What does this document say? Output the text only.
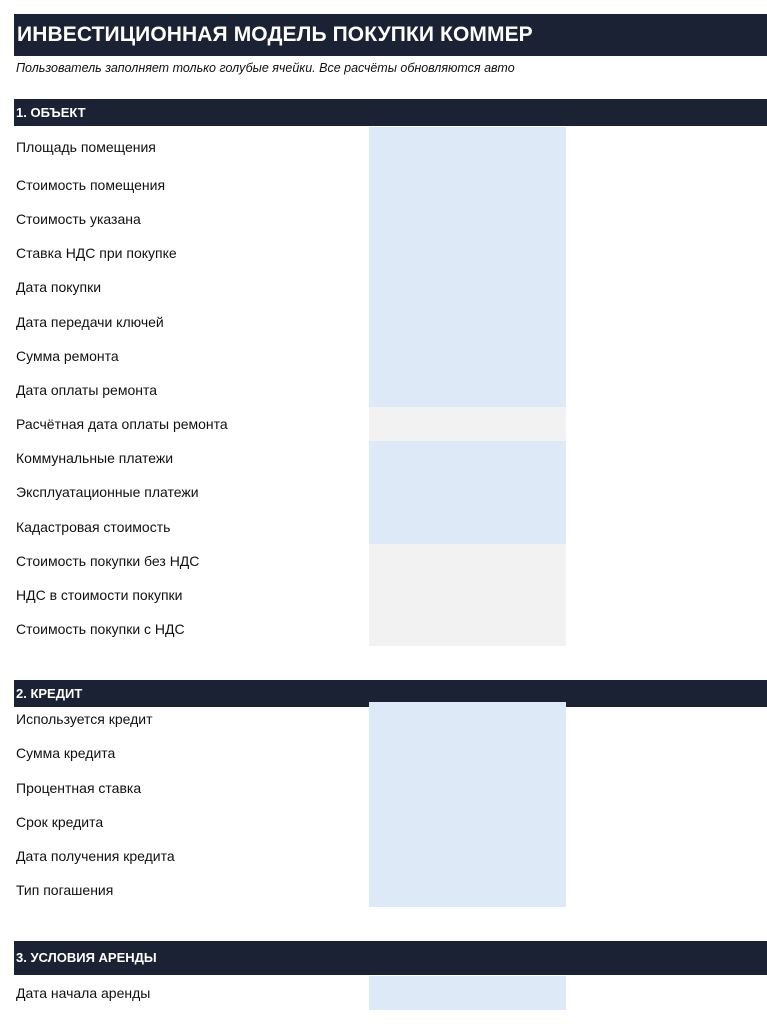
ИНВЕСТИЦИОННАЯ МОДЕЛЬ ПОКУПКИ КОММЕР
Пользователь заполняет только голубые ячейки. Все расчёты обновляются авто
1. ОБЪЕКТ
Площадь помещения
Стоимость помещения
Стоимость указана
Ставка НДС при покупке
Дата покупки
Дата передачи ключей
Сумма ремонта
Дата оплаты ремонта
Расчётная дата оплаты ремонта
Коммунальные платежи
Эксплуатационные платежи
Кадастровая стоимость
Стоимость покупки без НДС
НДС в стоимости покупки
Стоимость покупки с НДС
2. КРЕДИТ
Используется кредит
Сумма кредита
Процентная ставка
Срок кредита
Дата получения кредита
Тип погашения
3. УСЛОВИЯ АРЕНДЫ
Дата начала аренды
